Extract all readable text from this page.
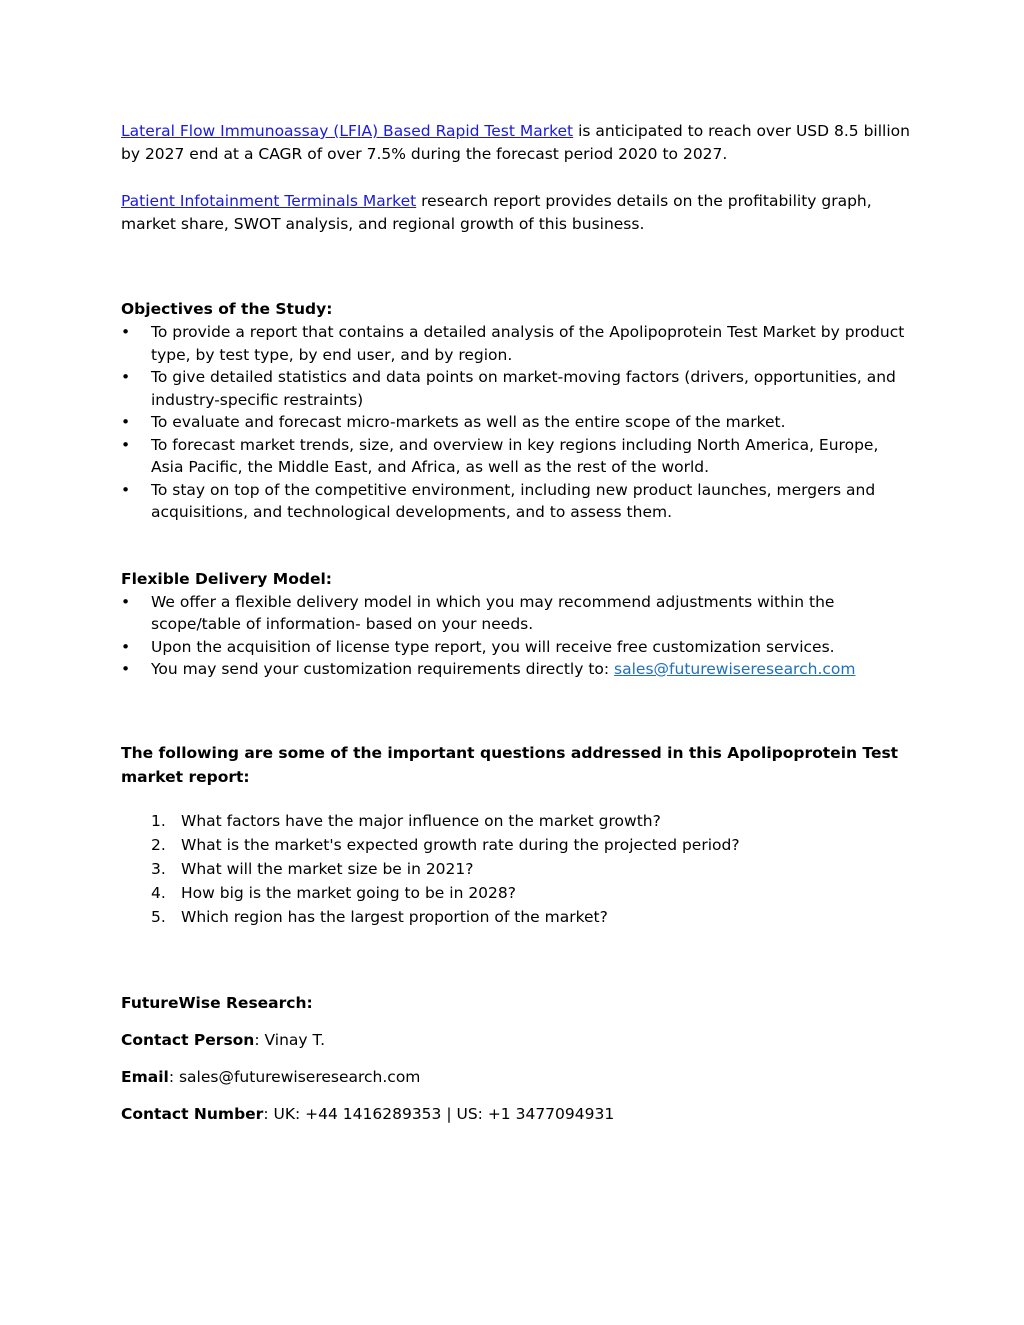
Lateral Flow Immunoassay (LFIA) Based Rapid Test Market is anticipated to reach over USD 8.5 billion by 2027 end at a CAGR of over 7.5% during the forecast period 2020 to 2027.

Patient Infotainment Terminals Market research report provides details on the profitability graph, market share, SWOT analysis, and regional growth of this business.

Objectives of the Study:
• To provide a report that contains a detailed analysis of the Apolipoprotein Test Market by product type, by test type, by end user, and by region.
• To give detailed statistics and data points on market-moving factors (drivers, opportunities, and industry-specific restraints)
• To evaluate and forecast micro-markets as well as the entire scope of the market.
• To forecast market trends, size, and overview in key regions including North America, Europe, Asia Pacific, the Middle East, and Africa, as well as the rest of the world.
• To stay on top of the competitive environment, including new product launches, mergers and acquisitions, and technological developments, and to assess them.
Flexible Delivery Model:
• We offer a flexible delivery model in which you may recommend adjustments within the scope/table of information- based on your needs.
• Upon the acquisition of license type report, you will receive free customization services.
• You may send your customization requirements directly to: sales@futurewiseresearch.com
The following are some of the important questions addressed in this Apolipoprotein Test market report:
1. What factors have the major influence on the market growth?
2. What is the market's expected growth rate during the projected period?
3. What will the market size be in 2021?
4. How big is the market going to be in 2028?
5. Which region has the largest proportion of the market?
FutureWise Research:

Contact Person: Vinay T.

Email: sales@futurewiseresearch.com

Contact Number: UK: +44 1416289353 | US: +1 3477094931
